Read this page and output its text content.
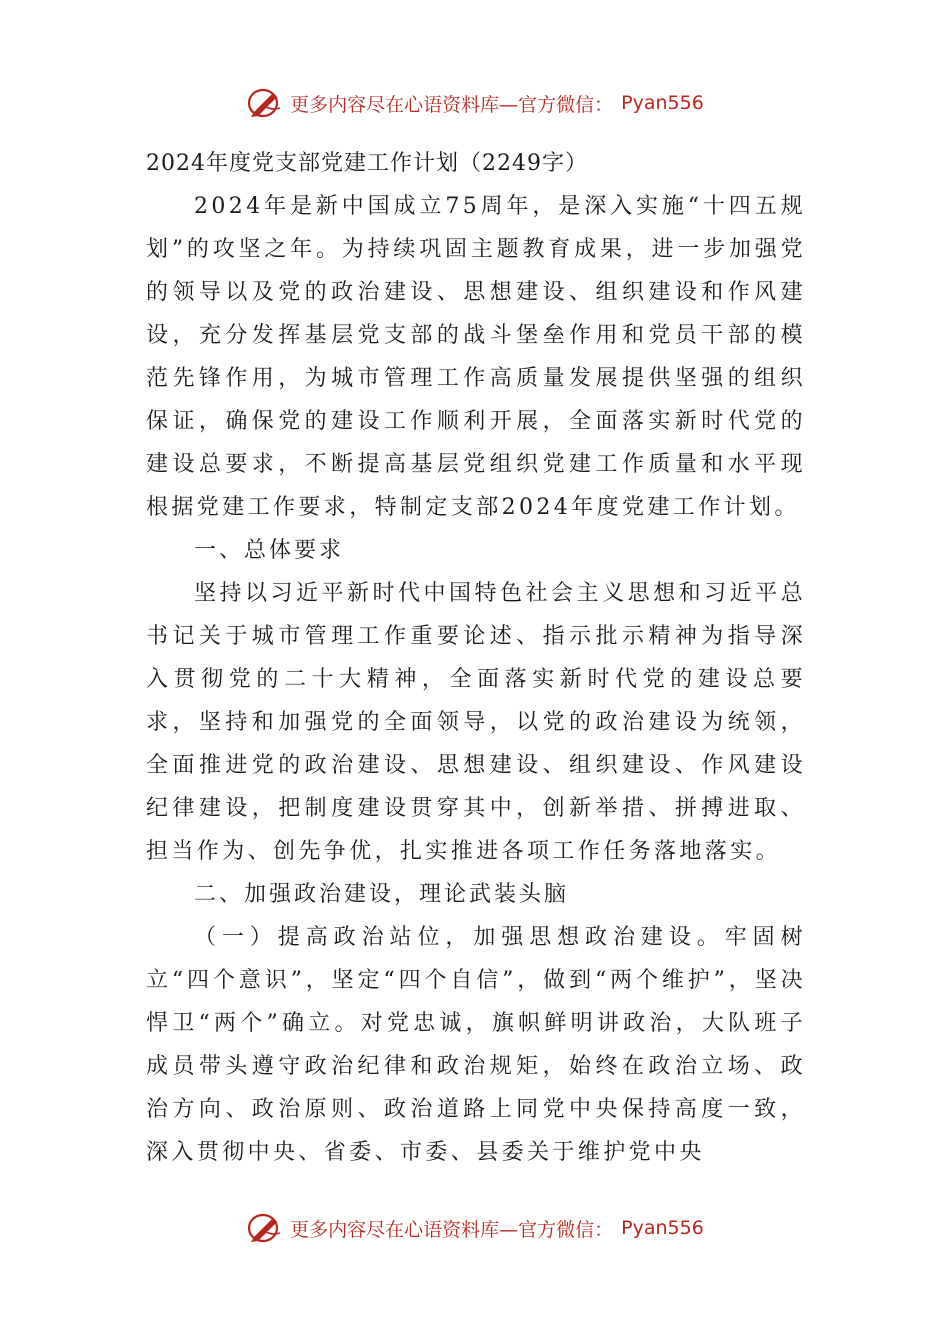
更多内容尽在心语资料库—官方微信： Pyan556
2024年度党支部党建工作计划（2249字）

2024年是新中国成立75周年，是深入实施“十四五规划”的攻坚之年。为持续巩固主题教育成果，进一步加强党的领导以及党的政治建设、思想建设、组织建设和作风建设，充分发挥基层党支部的战斗堡垒作用和党员干部的模范先锋作用，为城市管理工作高质量发展提供坚强的组织保证，确保党的建设工作顺利开展，全面落实新时代党的建设总要求，不断提高基层党组织党建工作质量和水平现根据党建工作要求，特制定支部2024年度党建工作计划。

一、总体要求

坚持以习近平新时代中国特色社会主义思想和习近平总书记关于城市管理工作重要论述、指示批示精神为指导深入贯彻党的二十大精神，全面落实新时代党的建设总要求，坚持和加强党的全面领导，以党的政治建设为统领，全面推进党的政治建设、思想建设、组织建设、作风建设纪律建设，把制度建设贯穿其中，创新举措、拼搏进取、担当作为、创先争优，扎实推进各项工作任务落地落实。

二、加强政治建设，理论武装头脑

（一）提高政治站位，加强思想政治建设。牢固树立“四个意识”，坚定“四个自信”，做到“两个维护”，坚决悍卫“两个”确立。对党忠诚，旗帜鲜明讲政治，大队班子成员带头遵守政治纪律和政治规矩，始终在政治立场、政治方向、政治原则、政治道路上同党中央保持高度一致，深入贯彻中央、省委、市委、县委关于维护党中央

更多内容尽在心语资料库—官方微信： Pyan556
